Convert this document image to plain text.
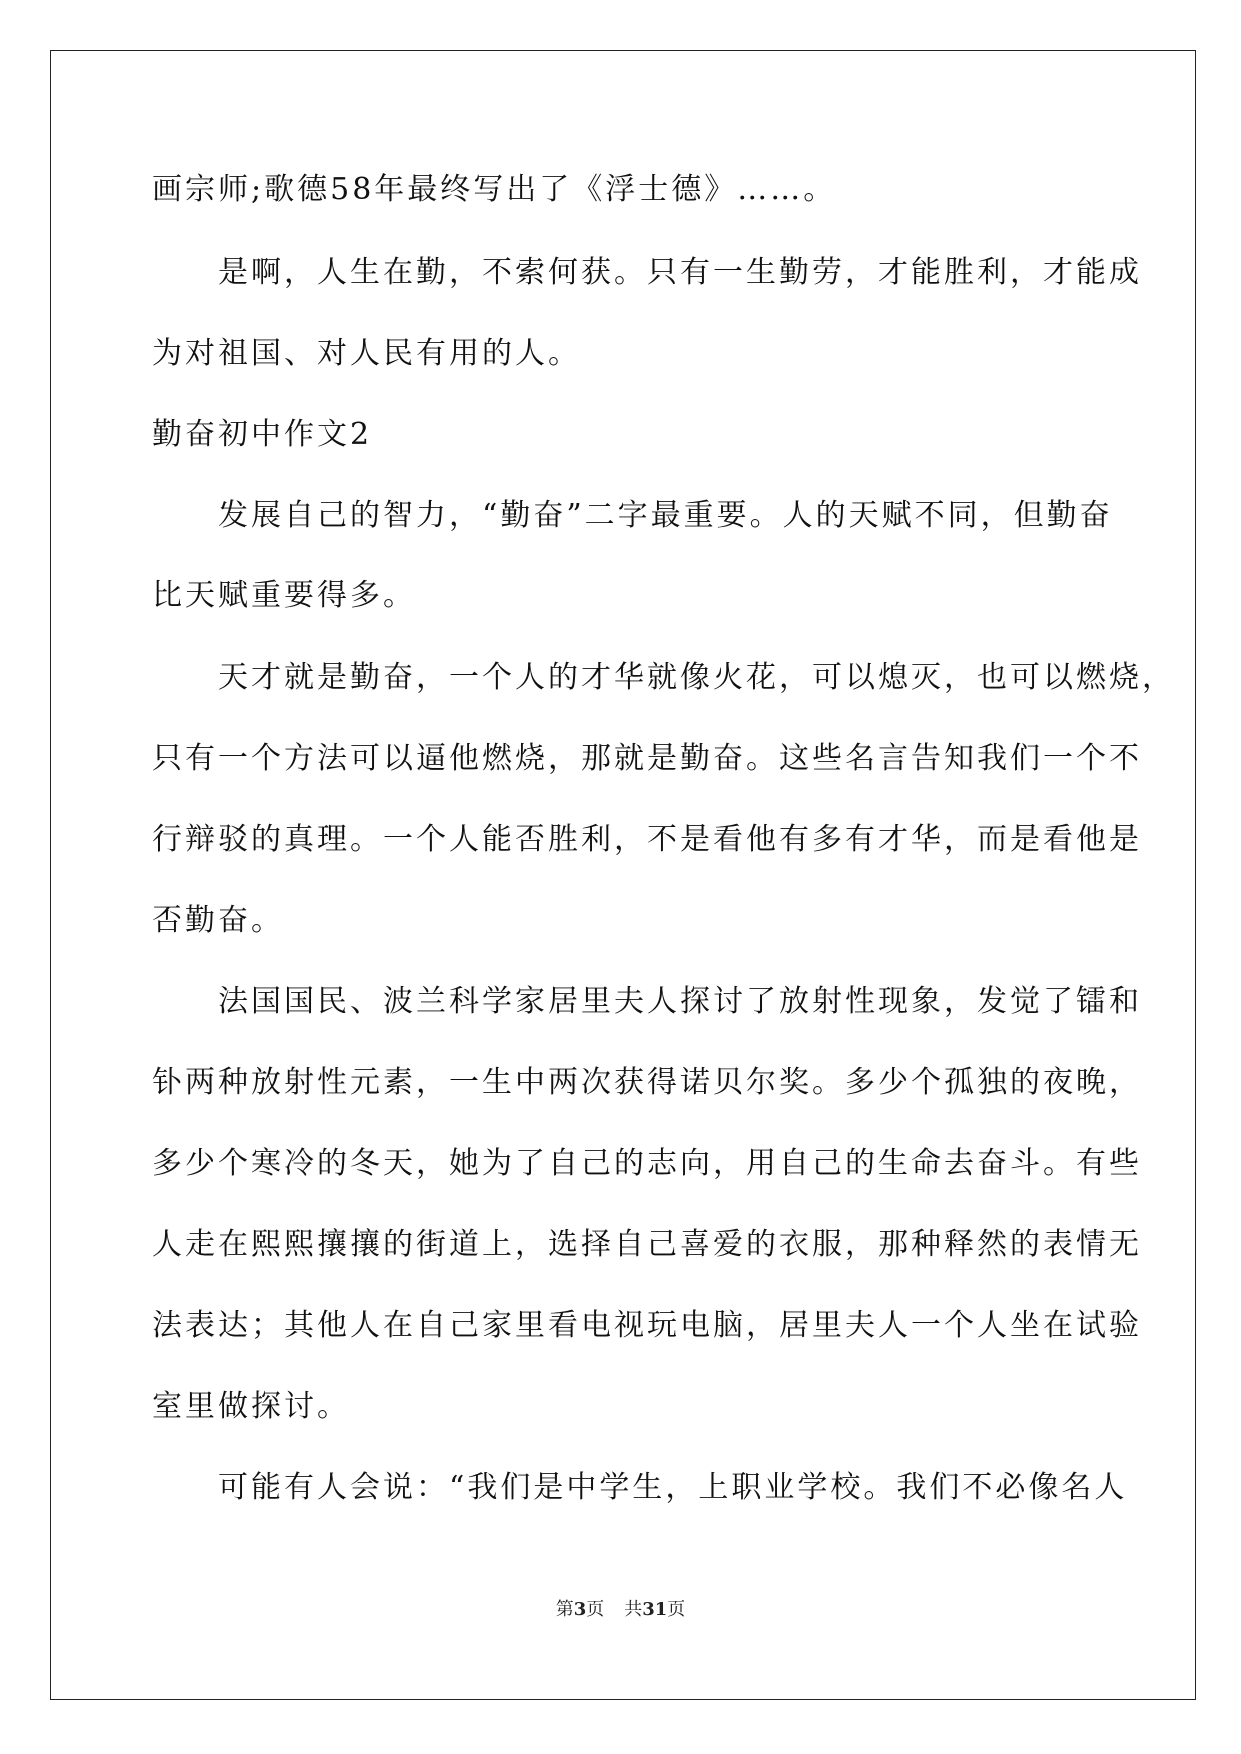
画宗师;歌德58年最终写出了《浮士德》……。
　　是啊，人生在勤，不索何获。只有一生勤劳，才能胜利，才能成
为对祖国、对人民有用的人。
勤奋初中作文2
　　发展自己的智力，“勤奋”二字最重要。人的天赋不同，但勤奋
比天赋重要得多。
　　天才就是勤奋，一个人的才华就像火花，可以熄灭，也可以燃烧，
只有一个方法可以逼他燃烧，那就是勤奋。这些名言告知我们一个不
行辩驳的真理。一个人能否胜利，不是看他有多有才华，而是看他是
否勤奋。
　　法国国民、波兰科学家居里夫人探讨了放射性现象，发觉了镭和
钋两种放射性元素，一生中两次获得诺贝尔奖。多少个孤独的夜晚，
多少个寒冷的冬天，她为了自己的志向，用自己的生命去奋斗。有些
人走在熙熙攘攘的街道上，选择自己喜爱的衣服，那种释然的表情无
法表达；其他人在自己家里看电视玩电脑，居里夫人一个人坐在试验
室里做探讨。
　　可能有人会说：“我们是中学生，上职业学校。我们不必像名人
第3页 共31页
